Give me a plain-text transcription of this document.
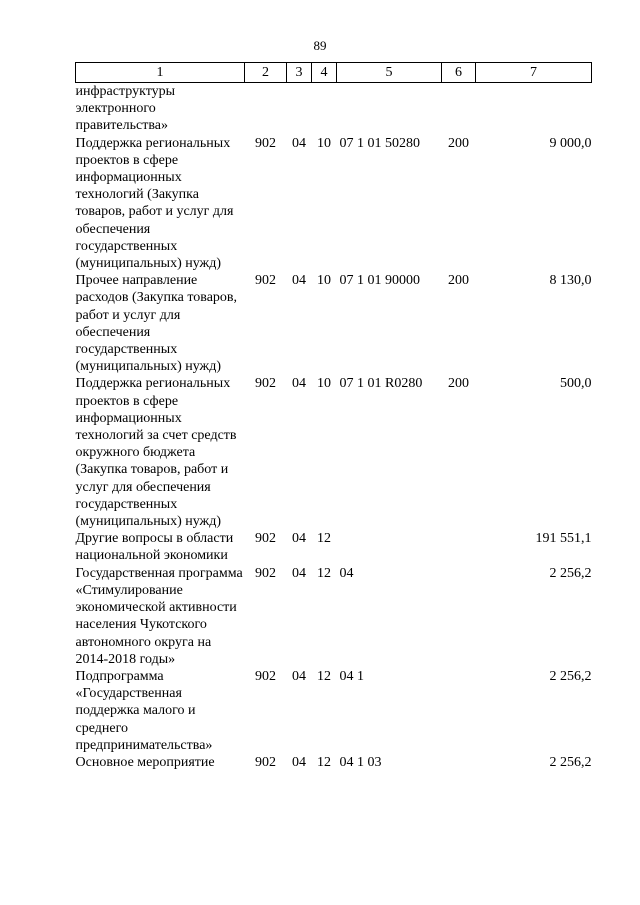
89
1	2	3	4	5	6	7
инфраструктуры электронного правительства»						
Поддержка региональных проектов в сфере информационных технологий (Закупка товаров, работ и услуг для обеспечения государственных (муниципальных) нужд)	902	04	10	07 1 01 50280	200	9 000,0
Прочее направление расходов (Закупка товаров, работ и услуг для обеспечения государственных (муниципальных) нужд)	902	04	10	07 1 01 90000	200	8 130,0
Поддержка региональных проектов в сфере информационных технологий за счет средств окружного бюджета (Закупка товаров, работ и услуг для обеспечения государственных (муниципальных) нужд)	902	04	10	07 1 01 R0280	200	500,0
Другие вопросы в области национальной экономики	902	04	12			191 551,1
Государственная программа «Стимулирование экономической активности населения Чукотского автономного округа на 2014-2018 годы»	902	04	12	04		2 256,2
Подпрограмма «Государственная поддержка малого и среднего предпринимательства»	902	04	12	04 1		2 256,2
Основное мероприятие	902	04	12	04 1 03		2 256,2
